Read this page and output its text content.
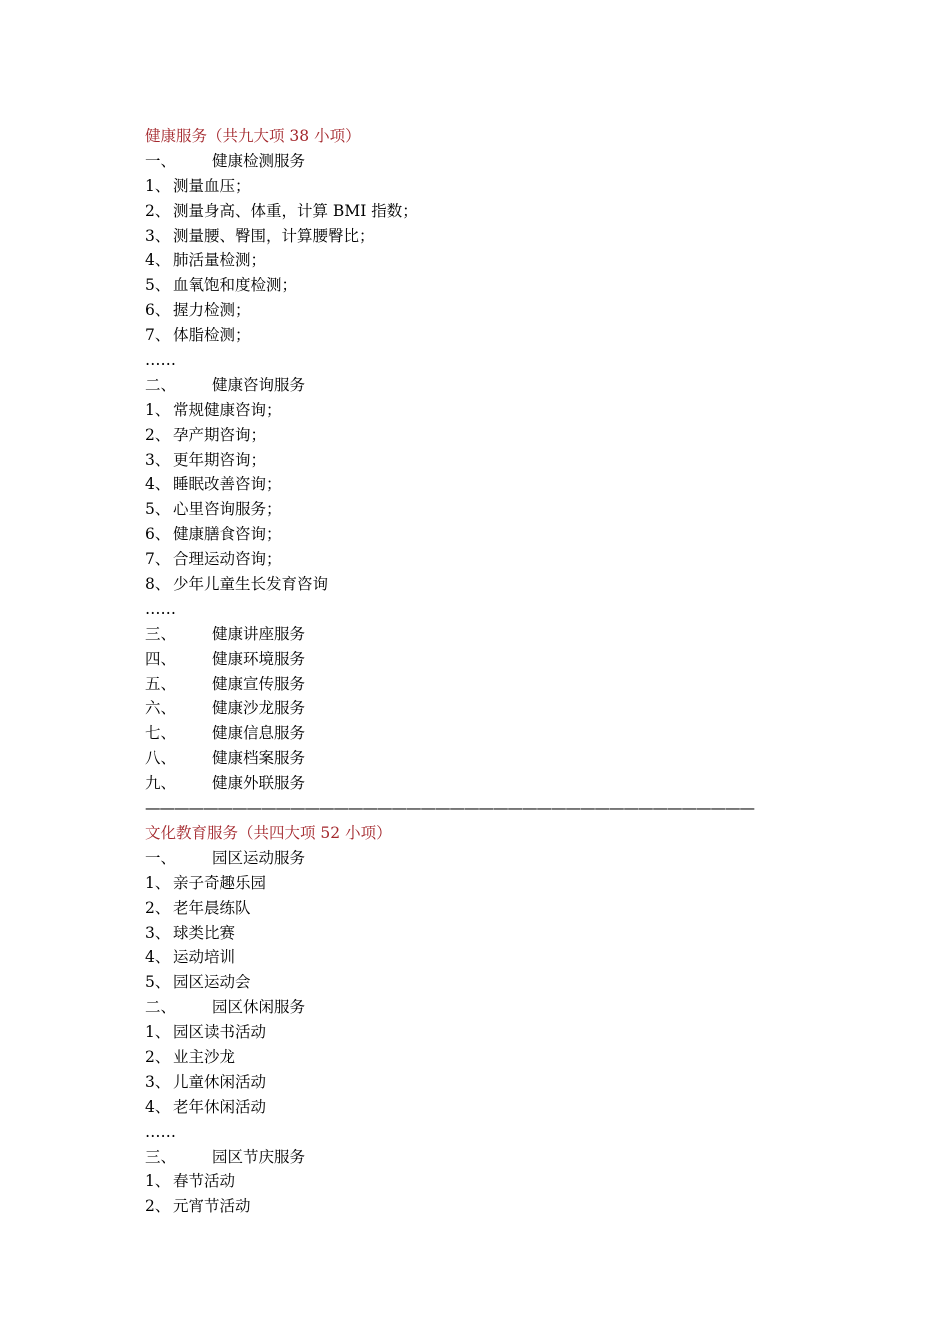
健康服务（共九大项 38 小项）
一、 健康检测服务
1、 测量血压；
2、 测量身高、体重，计算 BMI 指数；
3、 测量腰、臀围，计算腰臀比；
4、 肺活量检测；
5、 血氧饱和度检测；
6、 握力检测；
7、 体脂检测；
……
二、 健康咨询服务
1、 常规健康咨询；
2、 孕产期咨询；
3、 更年期咨询；
4、 睡眠改善咨询；
5、 心里咨询服务；
6、 健康膳食咨询；
7、 合理运动咨询；
8、 少年儿童生长发育咨询
……
三、 健康讲座服务
四、 健康环境服务
五、 健康宣传服务
六、 健康沙龙服务
七、 健康信息服务
八、 健康档案服务
九、 健康外联服务
——————————————————————————————————————————
文化教育服务（共四大项 52 小项）
一、 园区运动服务
1、 亲子奇趣乐园
2、 老年晨练队
3、 球类比赛
4、 运动培训
5、 园区运动会
二、 园区休闲服务
1、 园区读书活动
2、 业主沙龙
3、 儿童休闲活动
4、 老年休闲活动
……
三、 园区节庆服务
1、 春节活动
2、 元宵节活动
